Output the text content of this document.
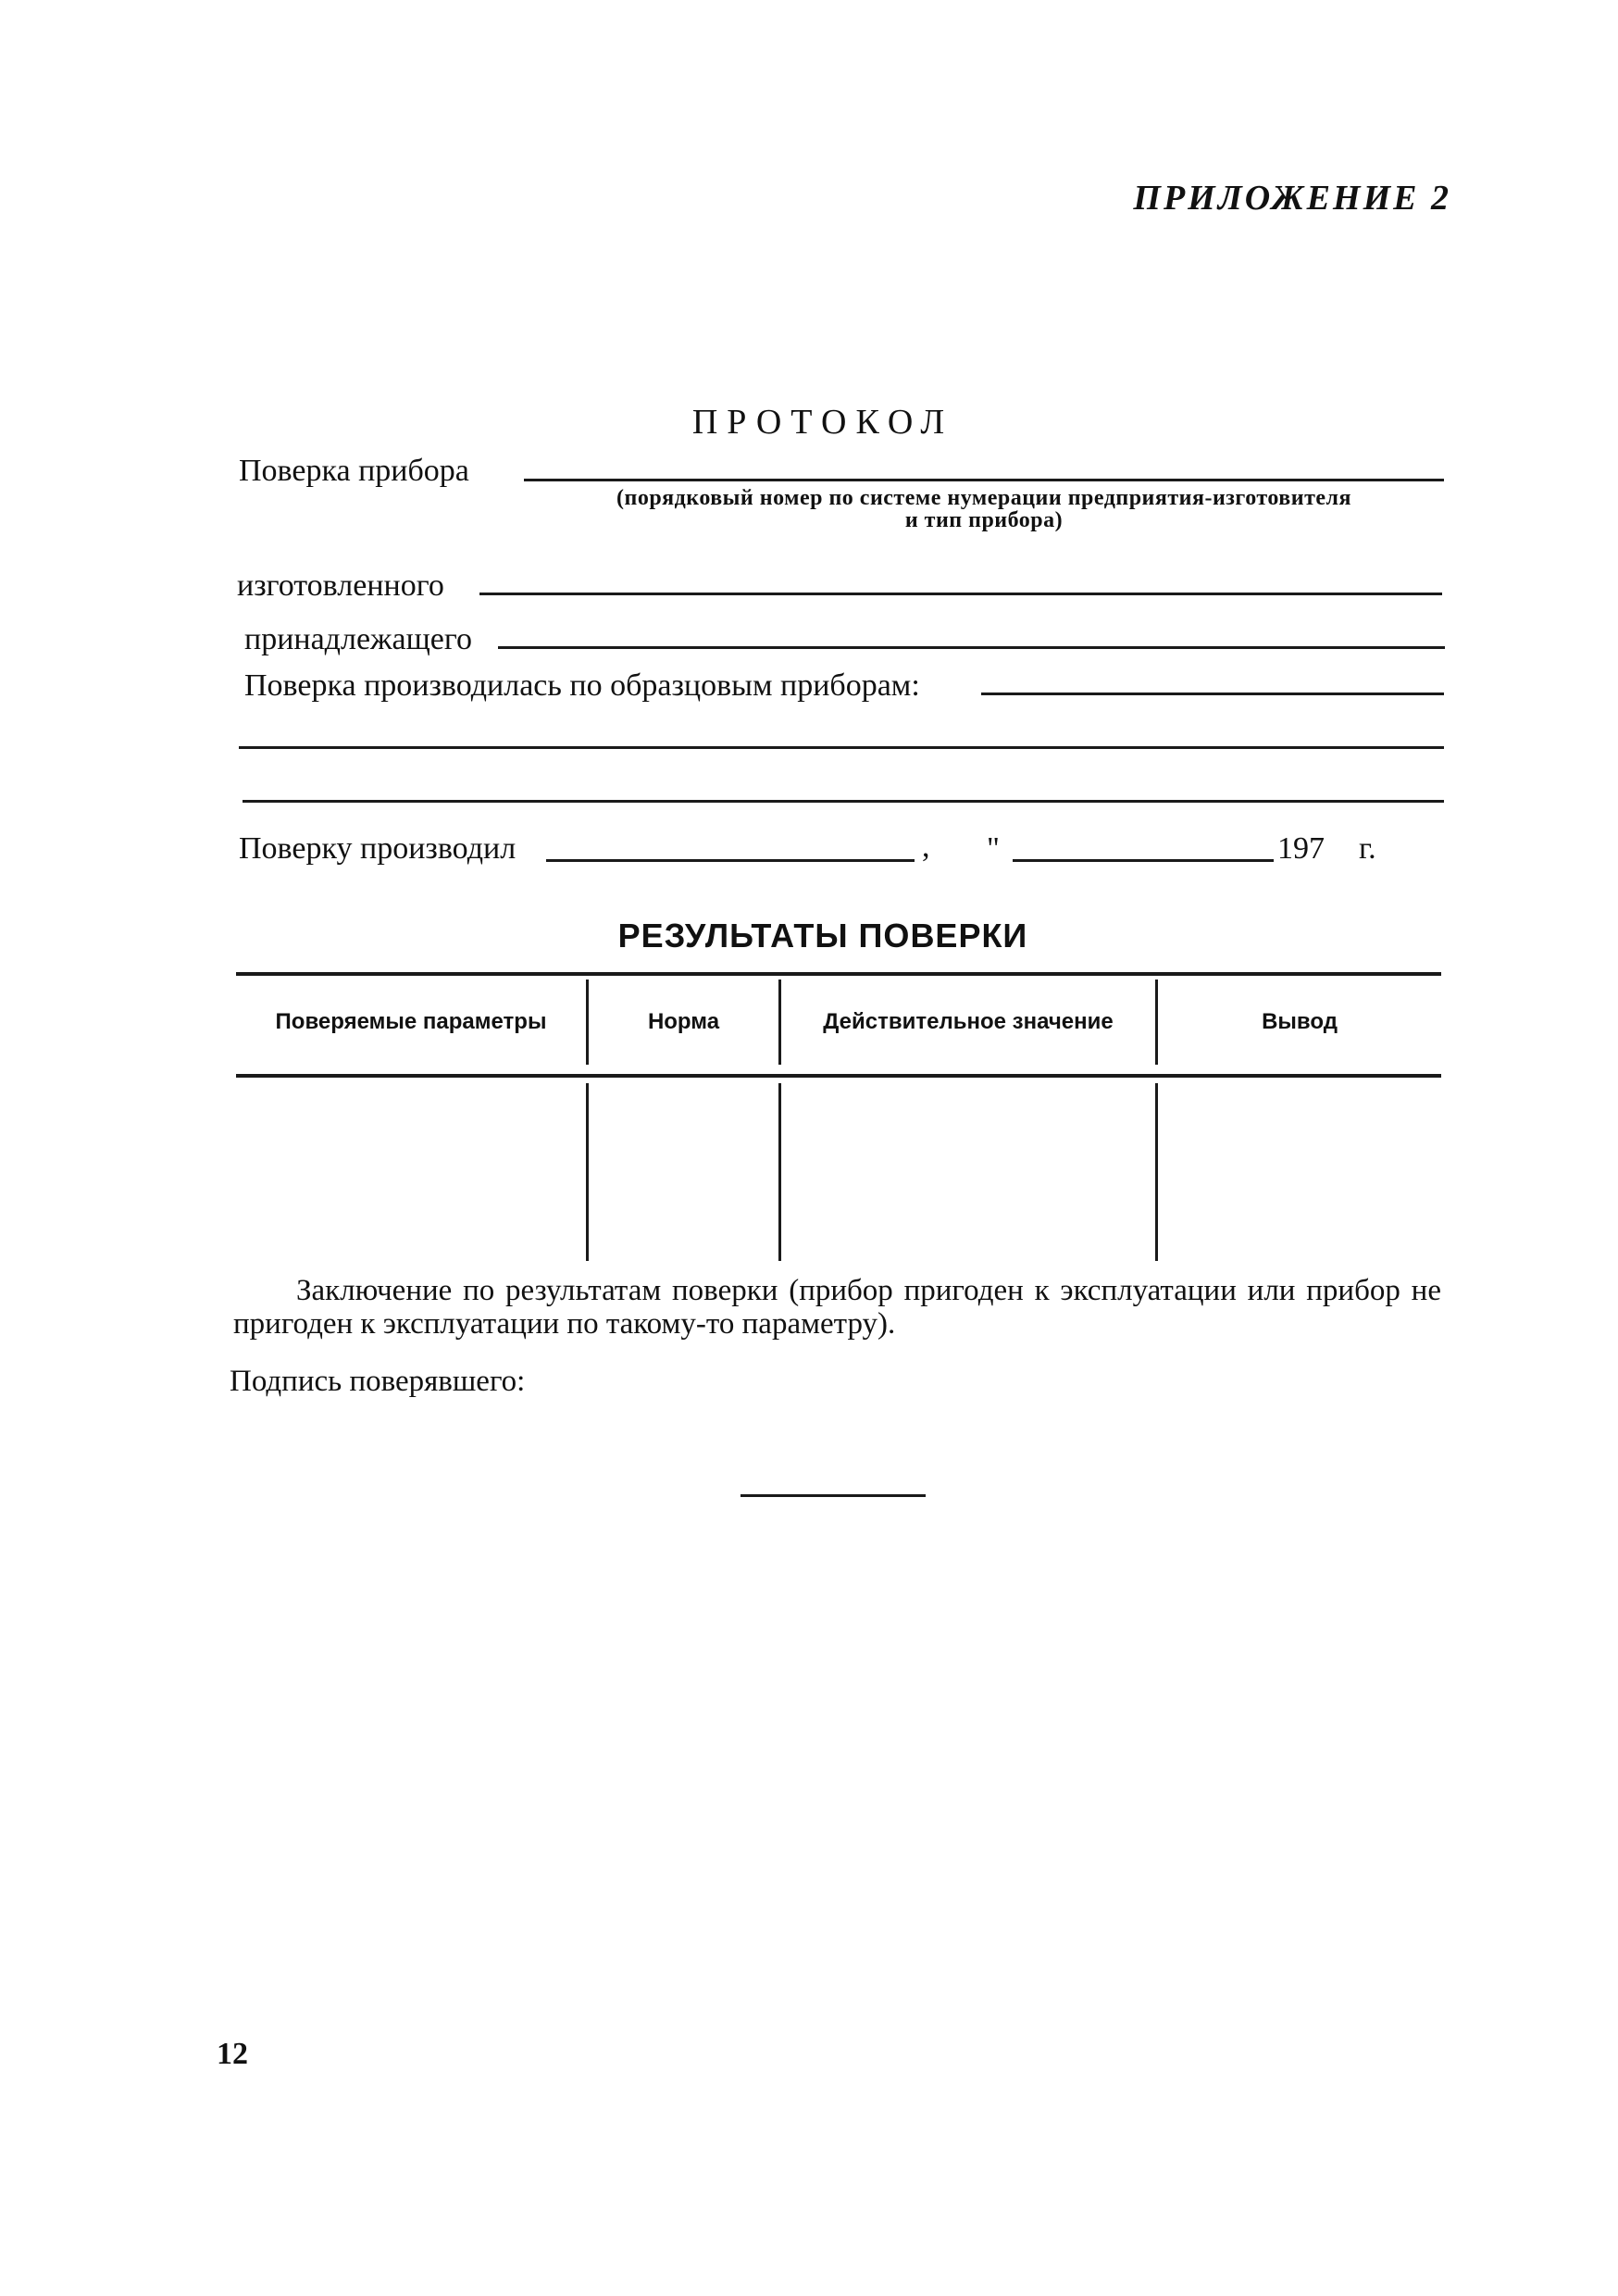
ПРИЛОЖЕНИЕ 2
ПРОТОКОЛ
Поверка прибора
(порядковый номер по системе нумерации предприятия-изготовителя
и тип прибора)
изготовленного
принадлежащего
Поверка производилась по образцовым приборам:
Поверку производил	, "	197 г.
РЕЗУЛЬТАТЫ ПОВЕРКИ
Поверяемые параметры	Норма	Действительное значение	Вывод
Заключение по результатам поверки (прибор пригоден к эксплуатации или прибор не пригоден к эксплуатации по такому-то параметру).
Подпись поверявшего:
12
